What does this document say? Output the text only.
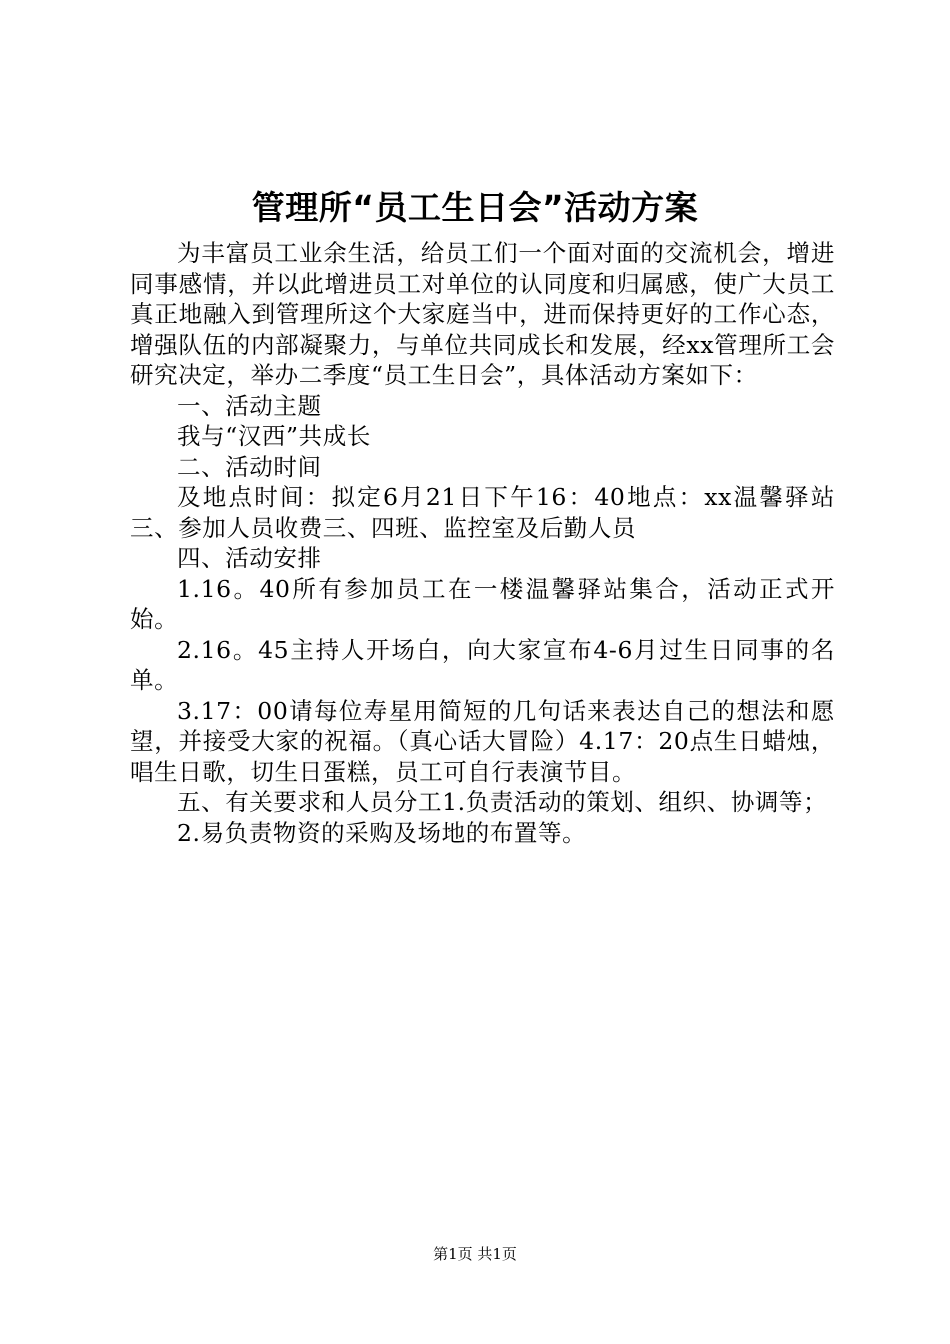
管理所“员工生日会”活动方案

为丰富员工业余生活，给员工们一个面对面的交流机会，增进同事感情，并以此增进员工对单位的认同度和归属感，使广大员工真正地融入到管理所这个大家庭当中，进而保持更好的工作心态，增强队伍的内部凝聚力，与单位共同成长和发展，经xx管理所工会研究决定，举办二季度“员工生日会”，具体活动方案如下：

一、活动主题

我与“汉西”共成长

二、活动时间

及地点时间：拟定6月21日下午16：40地点：xx温馨驿站三、参加人员收费三、四班、监控室及后勤人员

四、活动安排

1.16。40所有参加员工在一楼温馨驿站集合，活动正式开始。

2.16。45主持人开场白，向大家宣布4-6月过生日同事的名单。

3.17：00请每位寿星用简短的几句话来表达自己的想法和愿望，并接受大家的祝福。（真心话大冒险）4.17：20点生日蜡烛，唱生日歌，切生日蛋糕，员工可自行表演节目。

五、有关要求和人员分工1.负责活动的策划、组织、协调等；

2.易负责物资的采购及场地的布置等。

第1页 共1页
